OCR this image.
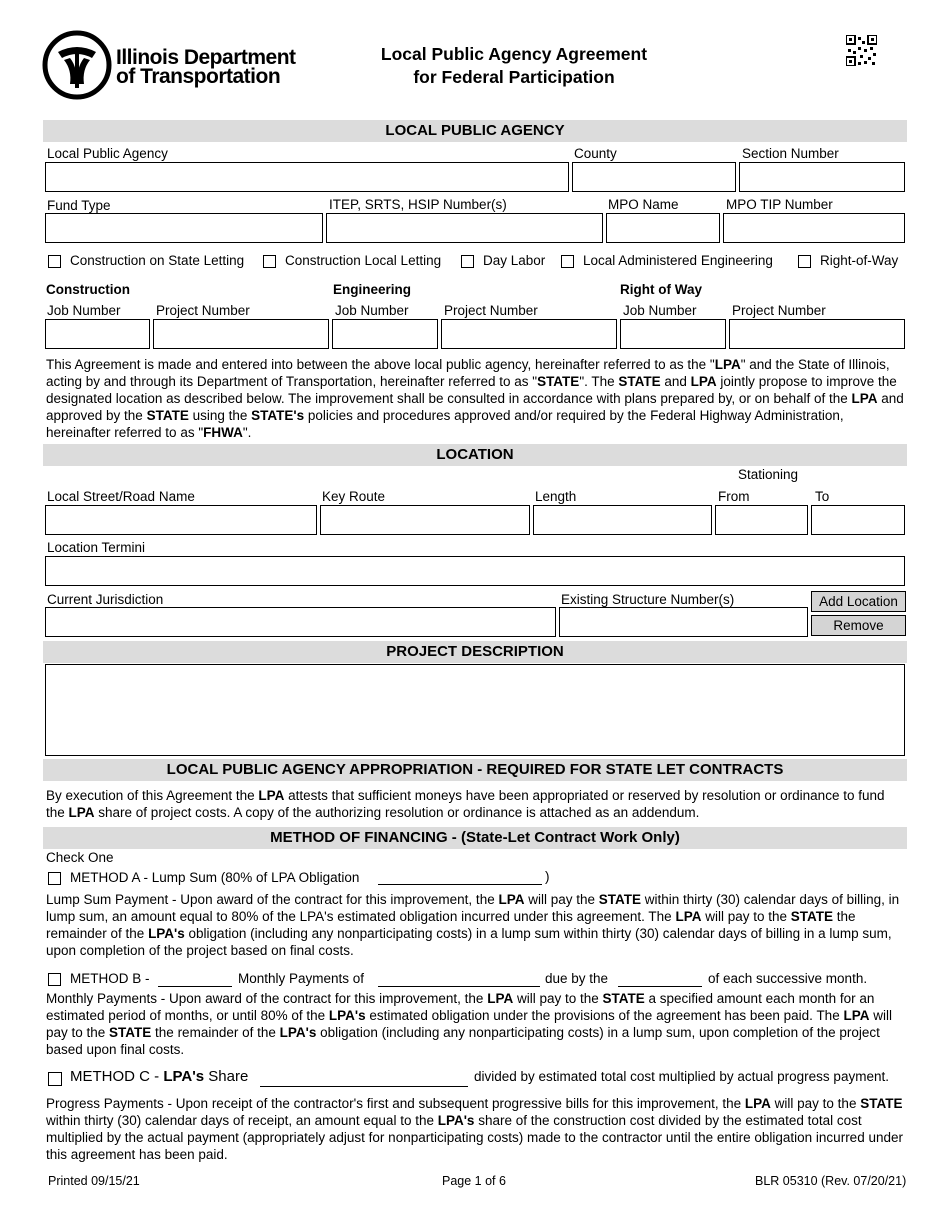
Illinois Department
of Transportation
Local Public Agency Agreement
for Federal Participation
LOCAL PUBLIC AGENCY
Local Public Agency	County	Section Number
Fund Type	ITEP, SRTS, HSIP Number(s)	MPO Name	MPO TIP Number
Construction on State Letting	Construction Local Letting	Day Labor	Local Administered Engineering	Right-of-Way
Construction	Engineering	Right of Way
Job Number	Project Number	Job Number	Project Number	Job Number	Project Number
This Agreement is made and entered into between the above local public agency, hereinafter referred to as the "LPA" and the State of Illinois, acting by and through its Department of Transportation, hereinafter referred to as "STATE". The STATE and LPA jointly propose to improve the designated location as described below. The improvement shall be consulted in accordance with plans prepared by, or on behalf of the LPA and approved by the STATE using the STATE's policies and procedures approved and/or required by the Federal Highway Administration, hereinafter referred to as "FHWA".
LOCATION
Stationing
Local Street/Road Name	Key Route	Length	From	To
Location Termini
Current Jurisdiction	Existing Structure Number(s)	Add Location
Remove
PROJECT DESCRIPTION
LOCAL PUBLIC AGENCY APPROPRIATION - REQUIRED FOR STATE LET CONTRACTS
By execution of this Agreement the LPA attests that sufficient moneys have been appropriated or reserved by resolution or ordinance to fund the LPA share of project costs. A copy of the authorizing resolution or ordinance is attached as an addendum.
METHOD OF FINANCING - (State-Let Contract Work Only)
Check One
METHOD A - Lump Sum (80% of LPA Obligation	)
Lump Sum Payment - Upon award of the contract for this improvement, the LPA will pay the STATE within thirty (30) calendar days of billing, in lump sum, an amount equal to 80% of the LPA's estimated obligation incurred under this agreement. The LPA will pay to the STATE the remainder of the LPA's obligation (including any nonparticipating costs) in a lump sum within thirty (30) calendar days of billing in a lump sum, upon completion of the project based on final costs.
METHOD B -	Monthly Payments of	due by the	of each successive month.
Monthly Payments - Upon award of the contract for this improvement, the LPA will pay to the STATE a specified amount each month for an estimated period of months, or until 80% of the LPA's estimated obligation under the provisions of the agreement has been paid. The LPA will pay to the STATE the remainder of the LPA's obligation (including any nonparticipating costs) in a lump sum, upon completion of the project based upon final costs.
METHOD C - LPA's Share	divided by estimated total cost multiplied by actual progress payment.
Progress Payments - Upon receipt of the contractor's first and subsequent progressive bills for this improvement, the LPA will pay to the STATE within thirty (30) calendar days of receipt, an amount equal to the LPA's share of the construction cost divided by the estimated total cost multiplied by the actual payment (appropriately adjust for nonparticipating costs) made to the contractor until the entire obligation incurred under this agreement has been paid.
Printed 09/15/21	Page 1 of 6	BLR 05310 (Rev. 07/20/21)
